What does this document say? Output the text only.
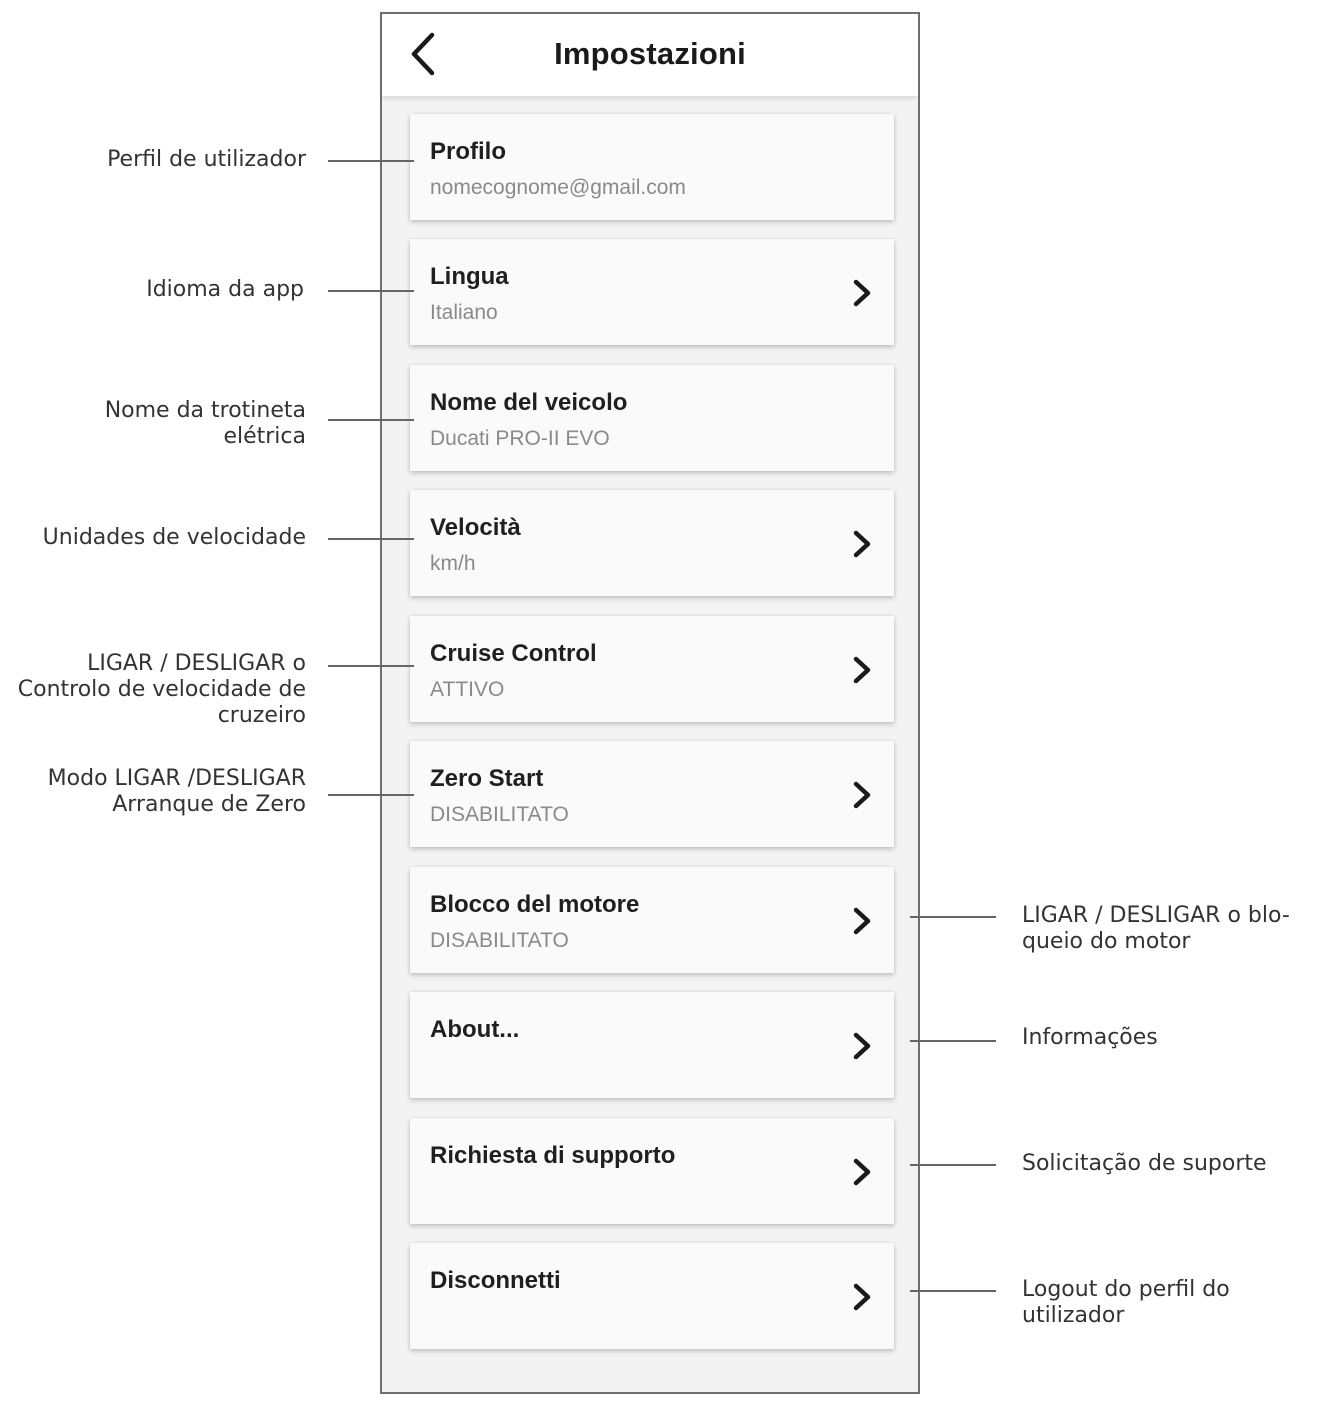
Impostazioni
Profilo
nomecognome@gmail.com
Lingua
Italiano
Nome del veicolo
Ducati PRO-II EVO
Velocità
km/h
Cruise Control
ATTIVO
Zero Start
DISABILITATO
Blocco del motore
DISABILITATO
About...
Richiesta di supporto
Disconnetti
Perfil de utilizador
Idioma da app
Nome da trotineta
elétrica
Unidades de velocidade
LIGAR / DESLIGAR o
Controlo de velocidade de
cruzeiro
Modo LIGAR /DESLIGAR
Arranque de Zero
LIGAR / DESLIGAR o blo-
queio do motor
Informações
Solicitação de suporte
Logout do perfil do
utilizador
